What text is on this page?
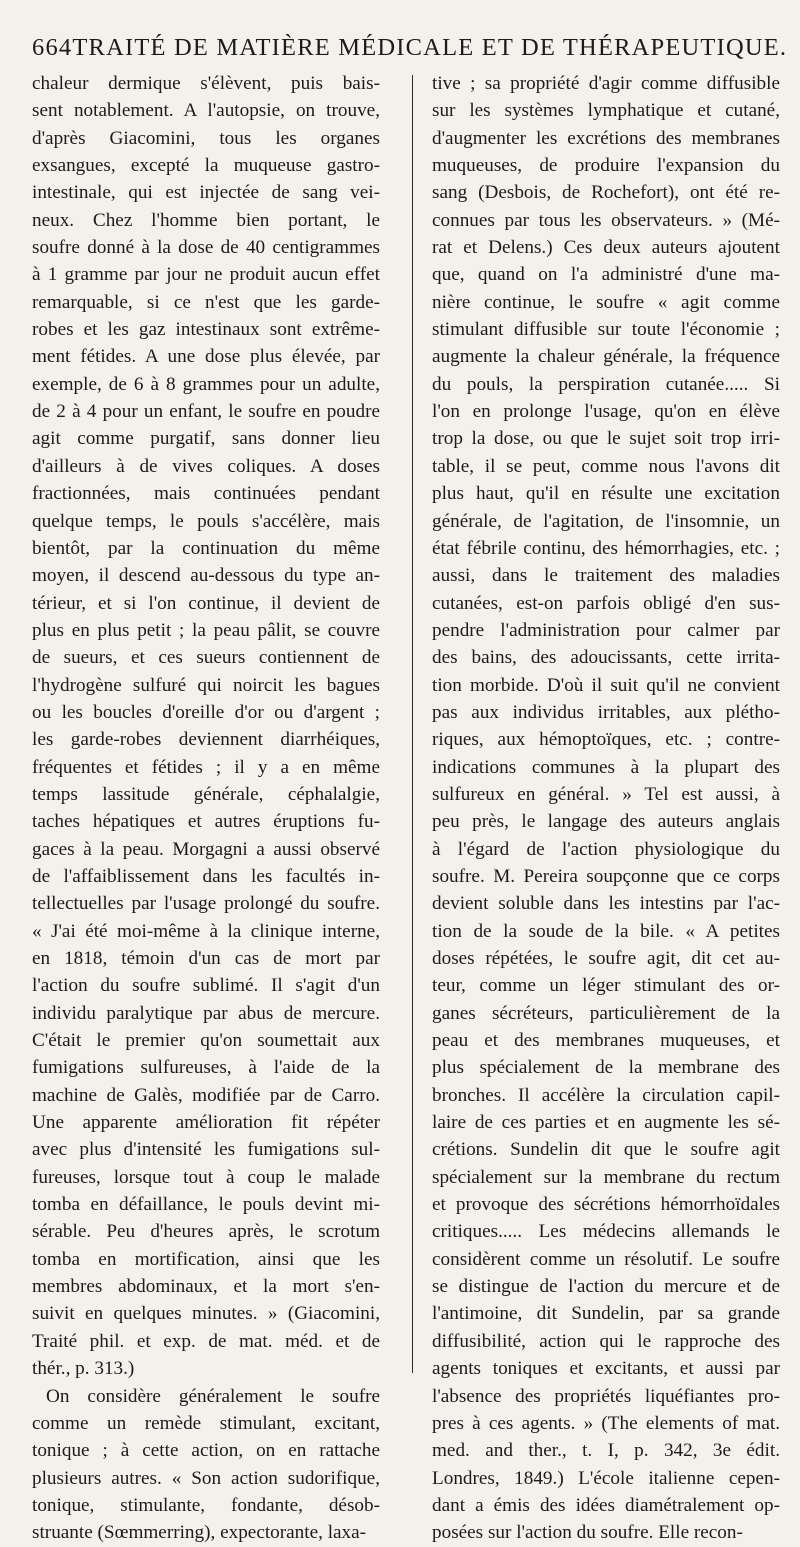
664 TRAITÉ DE MATIÈRE MÉDICALE ET DE THÉRAPEUTIQUE.
chaleur dermique s'élèvent, puis bais-
sent notablement. A l'autopsie, on trouve,
d'après Giacomini, tous les organes
exsangues, excepté la muqueuse gastro-
intestinale, qui est injectée de sang vei-
neux. Chez l'homme bien portant, le
soufre donné à la dose de 40 centigrammes
à 1 gramme par jour ne produit aucun effet
remarquable, si ce n'est que les garde-
robes et les gaz intestinaux sont extrême-
ment fétides. A une dose plus élevée, par
exemple, de 6 à 8 grammes pour un adulte,
de 2 à 4 pour un enfant, le soufre en poudre
agit comme purgatif, sans donner lieu
d'ailleurs à de vives coliques. A doses
fractionnées, mais continuées pendant
quelque temps, le pouls s'accélère, mais
bientôt, par la continuation du même
moyen, il descend au-dessous du type an-
térieur, et si l'on continue, il devient de
plus en plus petit ; la peau pâlit, se couvre
de sueurs, et ces sueurs contiennent de
l'hydrogène sulfuré qui noircit les bagues
ou les boucles d'oreille d'or ou d'argent ;
les garde-robes deviennent diarrhéiques,
fréquentes et fétides ; il y a en même
temps lassitude générale, céphalalgie,
taches hépatiques et autres éruptions fu-
gaces à la peau. Morgagni a aussi observé
de l'affaiblissement dans les facultés in-
tellectuelles par l'usage prolongé du soufre.
« J'ai été moi-même à la clinique interne,
en 1818, témoin d'un cas de mort par
l'action du soufre sublimé. Il s'agit d'un
individu paralytique par abus de mercure.
C'était le premier qu'on soumettait aux
fumigations sulfureuses, à l'aide de la
machine de Galès, modifiée par de Carro.
Une apparente amélioration fit répéter
avec plus d'intensité les fumigations sul-
fureuses, lorsque tout à coup le malade
tomba en défaillance, le pouls devint mi-
sérable. Peu d'heures après, le scrotum
tomba en mortification, ainsi que les
membres abdominaux, et la mort s'en-
suivit en quelques minutes. » (Giacomini,
Traité phil. et exp. de mat. méd. et de
thér., p. 313.)
On considère généralement le soufre
comme un remède stimulant, excitant,
tonique ; à cette action, on en rattache
plusieurs autres. « Son action sudorifique,
tonique, stimulante, fondante, désob-
struante (Sœmmerring), expectorante, laxa-
tive ; sa propriété d'agir comme diffusible
sur les systèmes lymphatique et cutané,
d'augmenter les excrétions des membranes
muqueuses, de produire l'expansion du
sang (Desbois, de Rochefort), ont été re-
connues par tous les observateurs. » (Mé-
rat et Delens.) Ces deux auteurs ajoutent
que, quand on l'a administré d'une ma-
nière continue, le soufre « agit comme
stimulant diffusible sur toute l'économie ;
augmente la chaleur générale, la fréquence
du pouls, la perspiration cutanée..... Si
l'on en prolonge l'usage, qu'on en élève
trop la dose, ou que le sujet soit trop irri-
table, il se peut, comme nous l'avons dit
plus haut, qu'il en résulte une excitation
générale, de l'agitation, de l'insomnie, un
état fébrile continu, des hémorrhagies, etc. ;
aussi, dans le traitement des maladies
cutanées, est-on parfois obligé d'en sus-
pendre l'administration pour calmer par
des bains, des adoucissants, cette irrita-
tion morbide. D'où il suit qu'il ne convient
pas aux individus irritables, aux plétho-
riques, aux hémoptoïques, etc. ; contre-
indications communes à la plupart des
sulfureux en général. » Tel est aussi, à
peu près, le langage des auteurs anglais
à l'égard de l'action physiologique du
soufre. M. Pereira soupçonne que ce corps
devient soluble dans les intestins par l'ac-
tion de la soude de la bile. « A petites
doses répétées, le soufre agit, dit cet au-
teur, comme un léger stimulant des or-
ganes sécréteurs, particulièrement de la
peau et des membranes muqueuses, et
plus spécialement de la membrane des
bronches. Il accélère la circulation capil-
laire de ces parties et en augmente les sé-
crétions. Sundelin dit que le soufre agit
spécialement sur la membrane du rectum
et provoque des sécrétions hémorrhoïdales
critiques..... Les médecins allemands le
considèrent comme un résolutif. Le soufre
se distingue de l'action du mercure et de
l'antimoine, dit Sundelin, par sa grande
diffusibilité, action qui le rapproche des
agents toniques et excitants, et aussi par
l'absence des propriétés liquéfiantes pro-
pres à ces agents. » (The elements of mat.
med. and ther., t. I, p. 342, 3e édit.
Londres, 1849.) L'école italienne cepen-
dant a émis des idées diamétralement op-
posées sur l'action du soufre. Elle recon-
